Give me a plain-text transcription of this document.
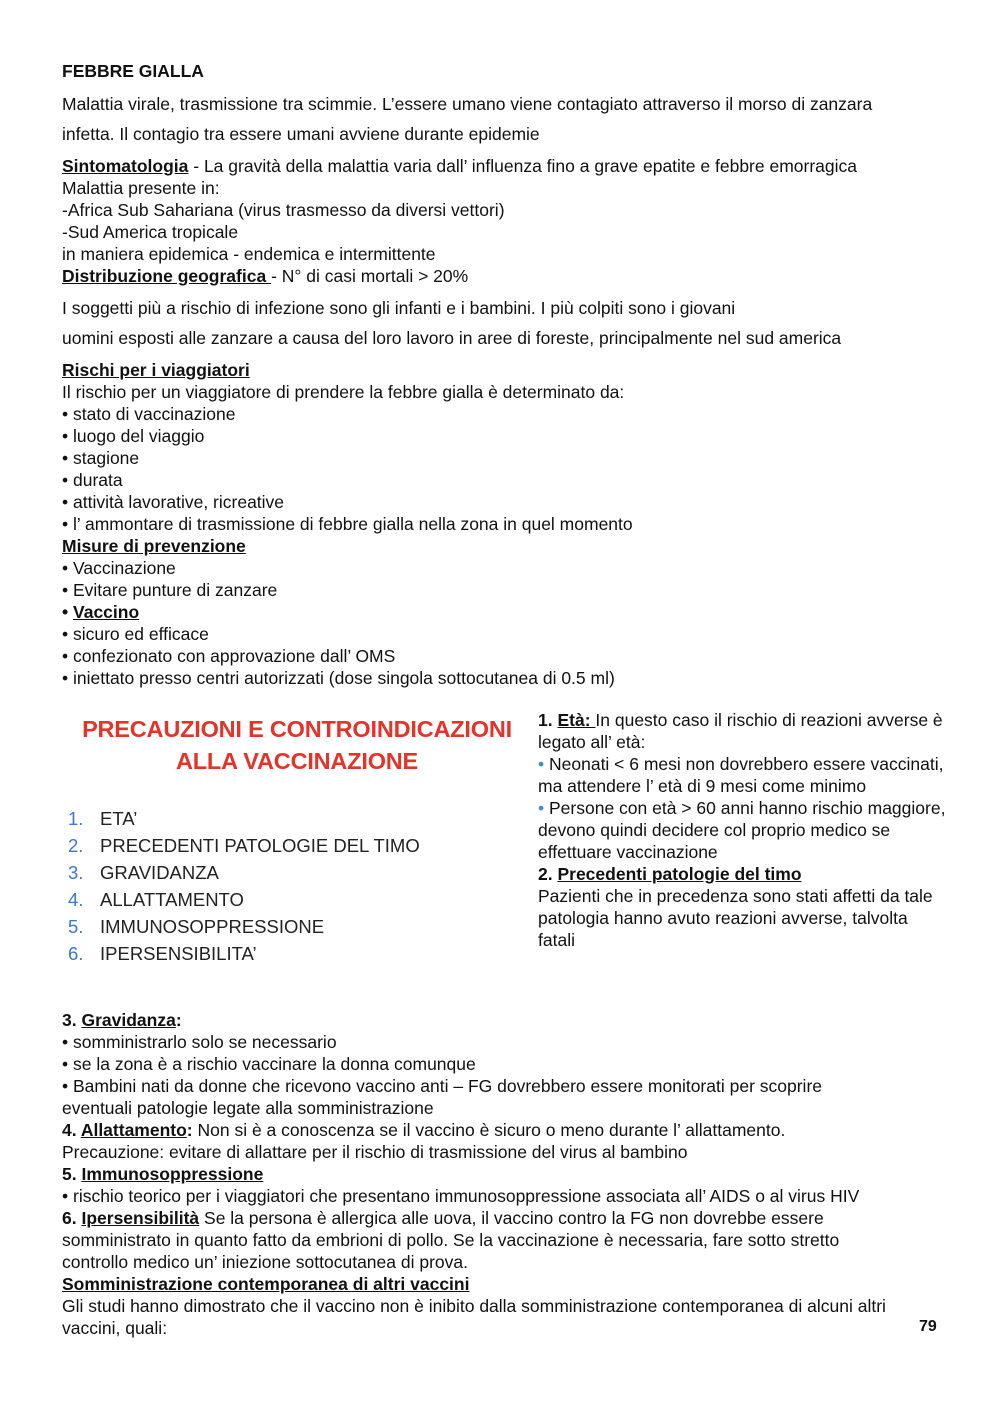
FEBBRE GIALLA

Malattia virale, trasmissione tra scimmie. L’essere umano viene contagiato attraverso il morso di zanzara

infetta. Il contagio tra essere umani avviene durante epidemie

Sintomatologia - La gravità della malattia varia dall’ influenza fino a grave epatite e febbre emorragica

Malattia presente in:

-Africa Sub Sahariana (virus trasmesso da diversi vettori)

-Sud America tropicale

in maniera epidemica - endemica e intermittente

Distribuzione geografica - N° di casi mortali > 20%

I soggetti più a rischio di infezione sono gli infanti e i bambini. I più colpiti sono i giovani

uomini esposti alle zanzare a causa del loro lavoro in aree di foreste, principalmente nel sud america

Rischi per i viaggiatori

Il rischio per un viaggiatore di prendere la febbre gialla è determinato da:

• stato di vaccinazione

• luogo del viaggio

• stagione

• durata

• attività lavorative, ricreative

• l’ ammontare di trasmissione di febbre gialla nella zona in quel momento

Misure di prevenzione

• Vaccinazione

• Evitare punture di zanzare

• Vaccino

• sicuro ed efficace

• confezionato con approvazione dall’ OMS

• iniettato presso centri autorizzati (dose singola sottocutanea di 0.5 ml)

PRECAUZIONI E CONTROINDICAZIONI
ALLA VACCINAZIONE
1. ETA’
2. PRECEDENTI PATOLOGIE DEL TIMO
3. GRAVIDANZA
4. ALLATTAMENTO
5. IMMUNOSOPPRESSIONE
6. IPERSENSIBILITA’

1. Età: In questo caso il rischio di reazioni avverse è legato all’ età:

• Neonati < 6 mesi non dovrebbero essere vaccinati, ma attendere l’ età di 9 mesi come minimo

• Persone con età > 60 anni hanno rischio maggiore, devono quindi decidere col proprio medico se effettuare vaccinazione

2. Precedenti patologie del timo

Pazienti che in precedenza sono stati affetti da tale patologia hanno avuto reazioni avverse, talvolta fatali

3. Gravidanza:

• somministrarlo solo se necessario

• se la zona è a rischio vaccinare la donna comunque

• Bambini nati da donne che ricevono vaccino anti – FG dovrebbero essere monitorati per scoprire

eventuali patologie legate alla somministrazione

4. Allattamento: Non si è a conoscenza se il vaccino è sicuro o meno durante l’ allattamento.

Precauzione: evitare di allattare per il rischio di trasmissione del virus al bambino

5. Immunosoppressione

• rischio teorico per i viaggiatori che presentano immunosoppressione associata all’ AIDS o al virus HIV

6. Ipersensibilità Se la persona è allergica alle uova, il vaccino contro la FG non dovrebbe essere

somministrato in quanto fatto da embrioni di pollo. Se la vaccinazione è necessaria, fare sotto stretto

controllo medico un’ iniezione sottocutanea di prova.

Somministrazione contemporanea di altri vaccini

Gli studi hanno dimostrato che il vaccino non è inibito dalla somministrazione contemporanea di alcuni altri

vaccini, quali:	79
